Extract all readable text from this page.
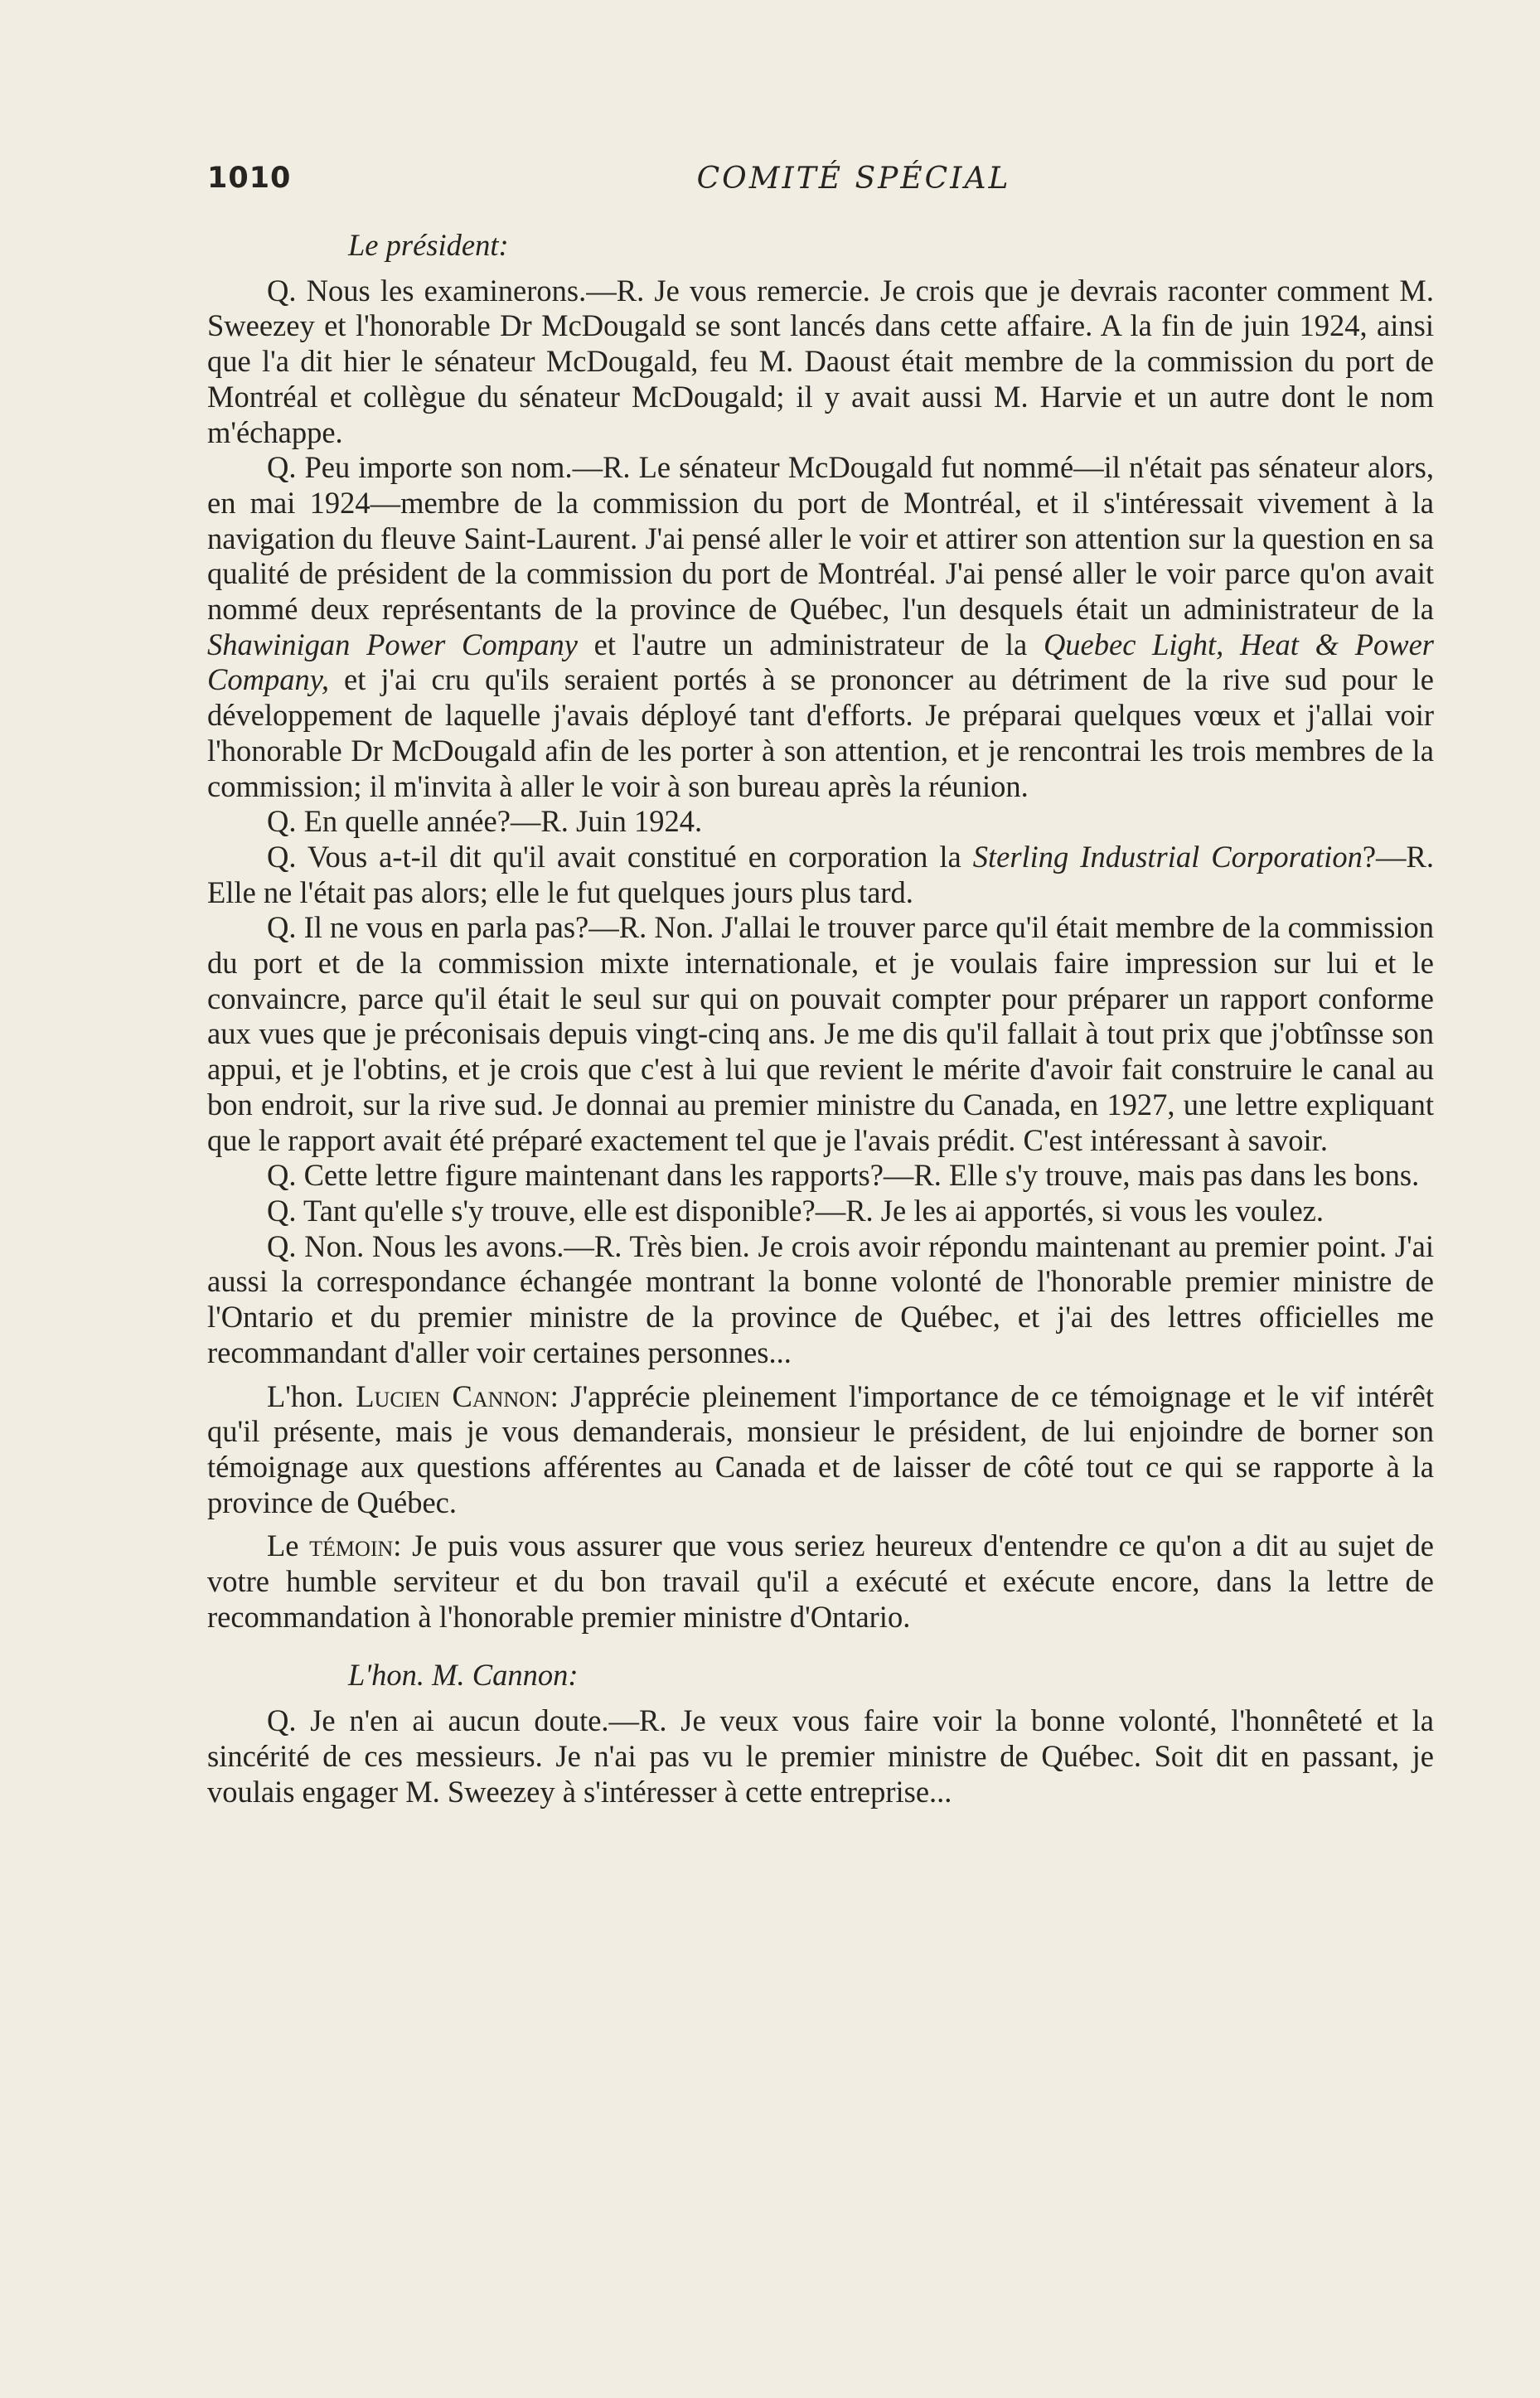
1010	COMITÉ SPÉCIAL

Le président:

Q. Nous les examinerons.—R. Je vous remercie. Je crois que je devrais raconter comment M. Sweezey et l'honorable Dr McDougald se sont lancés dans cette affaire. A la fin de juin 1924, ainsi que l'a dit hier le sénateur McDougald, feu M. Daoust était membre de la commission du port de Montréal et collègue du sénateur McDougald; il y avait aussi M. Harvie et un autre dont le nom m'échappe.

Q. Peu importe son nom.—R. Le sénateur McDougald fut nommé—il n'était pas sénateur alors, en mai 1924—membre de la commission du port de Montréal, et il s'intéressait vivement à la navigation du fleuve Saint-Laurent. J'ai pensé aller le voir et attirer son attention sur la question en sa qualité de président de la commission du port de Montréal. J'ai pensé aller le voir parce qu'on avait nommé deux représentants de la province de Québec, l'un desquels était un administrateur de la Shawinigan Power Company et l'autre un administrateur de la Quebec Light, Heat & Power Company, et j'ai cru qu'ils seraient portés à se prononcer au détriment de la rive sud pour le développement de laquelle j'avais déployé tant d'efforts. Je préparai quelques vœux et j'allai voir l'honorable Dr McDougald afin de les porter à son attention, et je rencontrai les trois membres de la commission; il m'invita à aller le voir à son bureau après la réunion.

Q. En quelle année?—R. Juin 1924.

Q. Vous a-t-il dit qu'il avait constitué en corporation la Sterling Industrial Corporation?—R. Elle ne l'était pas alors; elle le fut quelques jours plus tard.

Q. Il ne vous en parla pas?—R. Non. J'allai le trouver parce qu'il était membre de la commission du port et de la commission mixte internationale, et je voulais faire impression sur lui et le convaincre, parce qu'il était le seul sur qui on pouvait compter pour préparer un rapport conforme aux vues que je préconisais depuis vingt-cinq ans. Je me dis qu'il fallait à tout prix que j'obtînsse son appui, et je l'obtins, et je crois que c'est à lui que revient le mérite d'avoir fait construire le canal au bon endroit, sur la rive sud. Je donnai au premier ministre du Canada, en 1927, une lettre expliquant que le rapport avait été préparé exactement tel que je l'avais prédit. C'est intéressant à savoir.

Q. Cette lettre figure maintenant dans les rapports?—R. Elle s'y trouve, mais pas dans les bons.

Q. Tant qu'elle s'y trouve, elle est disponible?—R. Je les ai apportés, si vous les voulez.

Q. Non. Nous les avons.—R. Très bien. Je crois avoir répondu maintenant au premier point. J'ai aussi la correspondance échangée montrant la bonne volonté de l'honorable premier ministre de l'Ontario et du premier ministre de la province de Québec, et j'ai des lettres officielles me recommandant d'aller voir certaines personnes...

L'hon. Lucien Cannon: J'apprécie pleinement l'importance de ce témoignage et le vif intérêt qu'il présente, mais je vous demanderais, monsieur le président, de lui enjoindre de borner son témoignage aux questions afférentes au Canada et de laisser de côté tout ce qui se rapporte à la province de Québec.

Le témoin: Je puis vous assurer que vous seriez heureux d'entendre ce qu'on a dit au sujet de votre humble serviteur et du bon travail qu'il a exécuté et exécute encore, dans la lettre de recommandation à l'honorable premier ministre d'Ontario.

L'hon. M. Cannon:

Q. Je n'en ai aucun doute.—R. Je veux vous faire voir la bonne volonté, l'honnêteté et la sincérité de ces messieurs. Je n'ai pas vu le premier ministre de Québec. Soit dit en passant, je voulais engager M. Sweezey à s'intéresser à cette entreprise...
